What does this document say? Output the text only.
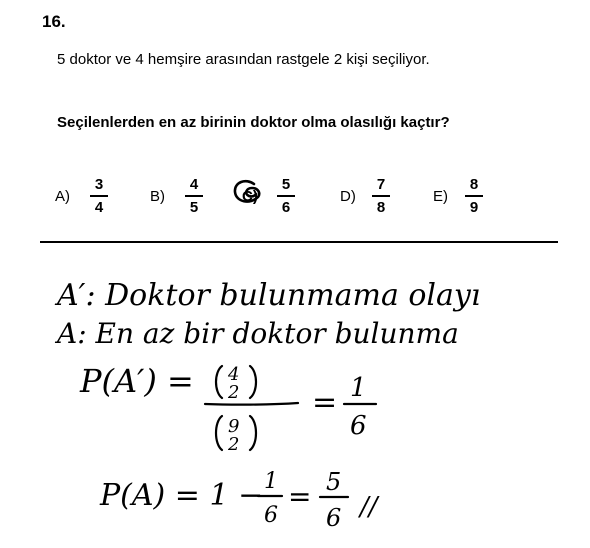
16.
5 doktor ve 4 hemşire arasından rastgele 2 kişi seçiliyor.
Seçilenlerden en az birinin doktor olma olasılığı kaçtır?
A)
3
4
B)
4
5
C)
5
6
D)
7
8
E)
8
9
A′: Doktor bulunmama olayı
A: En az bir doktor bulunma
P(A′) = 4
2
9
2
= 1
6
P(A) = 1 − 1
6
= 5
6 //
